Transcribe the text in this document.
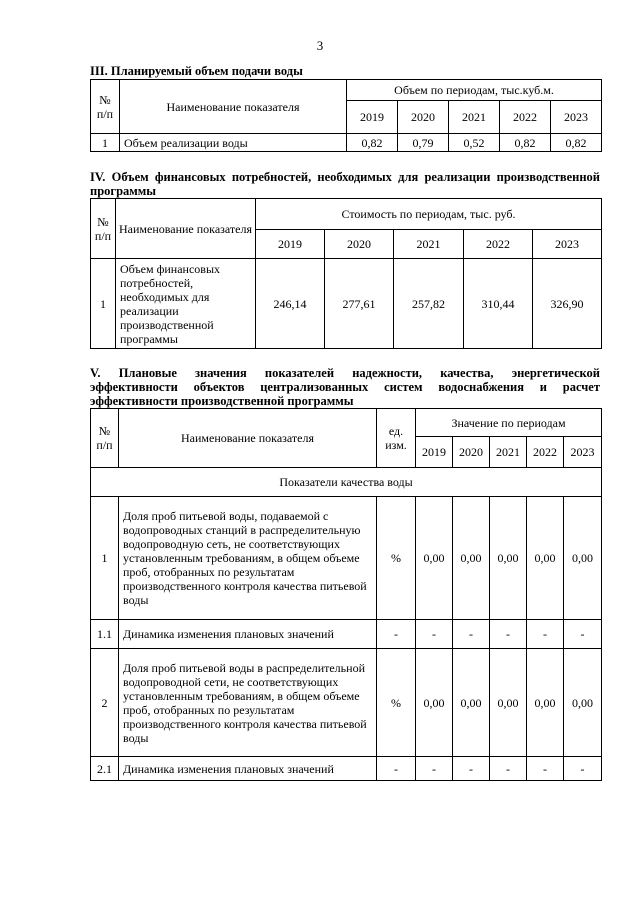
3
III. Планируемый объем подачи воды
№ п/п	Наименование показателя	Объем по периодам, тыс.куб.м.				
		2019	2020	2021	2022	2023
1	Объем реализации воды	0,82	0,79	0,52	0,82	0,82
IV. Объем финансовых потребностей, необходимых для реализации производственной программы
№ п/п	Наименование показателя	Стоимость по периодам, тыс. руб.				
		2019	2020	2021	2022	2023
1	Объем финансовых потребностей, необходимых для реализации производственной программы	246,14	277,61	257,82	310,44	326,90
V. Плановые значения показателей надежности, качества, энергетической эффективности объектов централизованных систем водоснабжения и расчет эффективности производственной программы
№ п/п	Наименование показателя	ед. изм.	Значение по периодам				
			2019	2020	2021	2022	2023
Показатели качества воды							
1	Доля проб питьевой воды, подаваемой с водопроводных станций в распределительную водопроводную сеть, не соответствующих установленным требованиям, в общем объеме проб, отобранных по результатам производственного контроля качества питьевой воды	%	0,00	0,00	0,00	0,00	0,00
1.1	Динамика изменения плановых значений	-	-	-	-	-	-
2	Доля проб питьевой воды в распределительной водопроводной сети, не соответствующих установленным требованиям, в общем объеме проб, отобранных по результатам производственного контроля качества питьевой воды	%	0,00	0,00	0,00	0,00	0,00
2.1	Динамика изменения плановых значений	-	-	-	-	-	-
